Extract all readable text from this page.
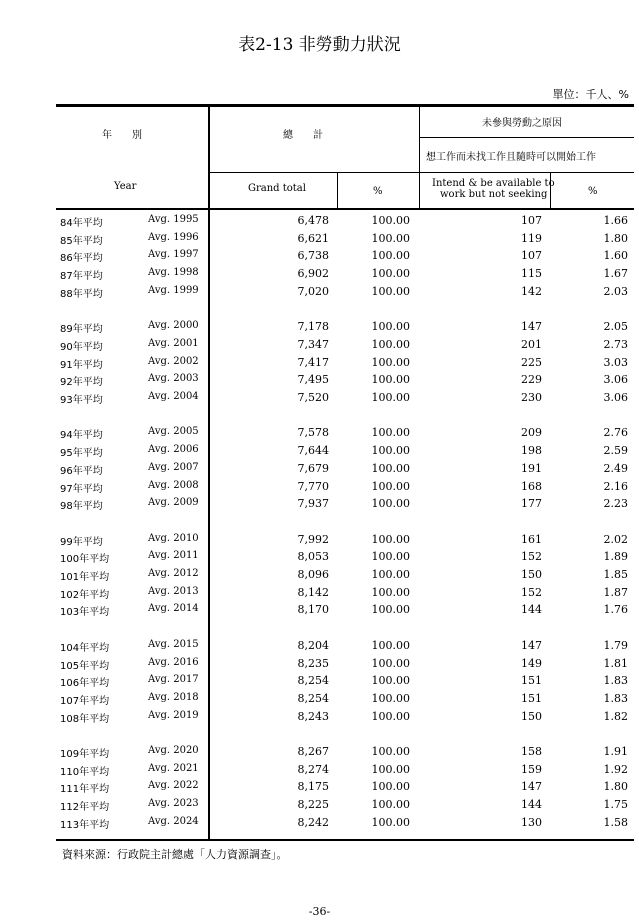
表2-13 非勞動力狀況
單位：千人、%
年　　別
Year
總　　計
Grand total	%
未參與勞動之原因
想工作而未找工作且隨時可以開始工作
Intend & be available to
work but not seeking	%
84年平均	Avg. 1995	6,478	100.00	107	1.66
85年平均	Avg. 1996	6,621	100.00	119	1.80
86年平均	Avg. 1997	6,738	100.00	107	1.60
87年平均	Avg. 1998	6,902	100.00	115	1.67
88年平均	Avg. 1999	7,020	100.00	142	2.03
89年平均	Avg. 2000	7,178	100.00	147	2.05
90年平均	Avg. 2001	7,347	100.00	201	2.73
91年平均	Avg. 2002	7,417	100.00	225	3.03
92年平均	Avg. 2003	7,495	100.00	229	3.06
93年平均	Avg. 2004	7,520	100.00	230	3.06
94年平均	Avg. 2005	7,578	100.00	209	2.76
95年平均	Avg. 2006	7,644	100.00	198	2.59
96年平均	Avg. 2007	7,679	100.00	191	2.49
97年平均	Avg. 2008	7,770	100.00	168	2.16
98年平均	Avg. 2009	7,937	100.00	177	2.23
99年平均	Avg. 2010	7,992	100.00	161	2.02
100年平均	Avg. 2011	8,053	100.00	152	1.89
101年平均	Avg. 2012	8,096	100.00	150	1.85
102年平均	Avg. 2013	8,142	100.00	152	1.87
103年平均	Avg. 2014	8,170	100.00	144	1.76
104年平均	Avg. 2015	8,204	100.00	147	1.79
105年平均	Avg. 2016	8,235	100.00	149	1.81
106年平均	Avg. 2017	8,254	100.00	151	1.83
107年平均	Avg. 2018	8,254	100.00	151	1.83
108年平均	Avg. 2019	8,243	100.00	150	1.82
109年平均	Avg. 2020	8,267	100.00	158	1.91
110年平均	Avg. 2021	8,274	100.00	159	1.92
111年平均	Avg. 2022	8,175	100.00	147	1.80
112年平均	Avg. 2023	8,225	100.00	144	1.75
113年平均	Avg. 2024	8,242	100.00	130	1.58
資料來源：行政院主計總處「人力資源調查」。
-36-
